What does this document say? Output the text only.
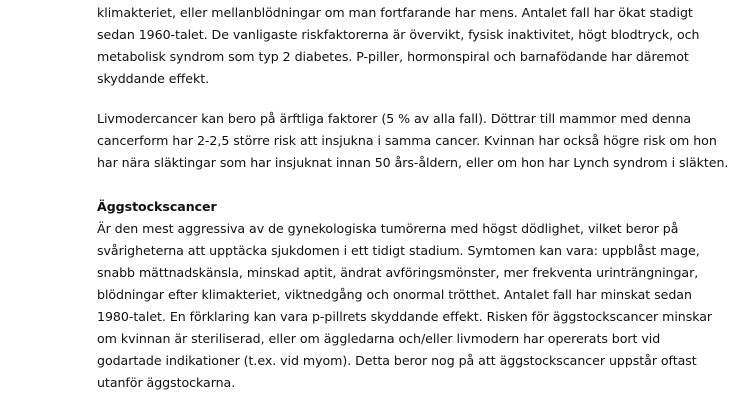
klimakteriet, eller mellanblödningar om man fortfarande har mens. Antalet fall har ökat stadigt
sedan 1960-talet. De vanligaste riskfaktorerna är övervikt, fysisk inaktivitet, högt blodtryck, och
metabolisk syndrom som typ 2 diabetes. P-piller, hormonspiral och barnafödande har däremot
skyddande effekt.
Livmodercancer kan bero på ärftliga faktorer (5 % av alla fall). Döttrar till mammor med denna
cancerform har 2-2,5 större risk att insjukna i samma cancer. Kvinnan har också högre risk om hon
har nära släktingar som har insjuknat innan 50 års-åldern, eller om hon har Lynch syndrom i släkten.
Äggstockscancer
Är den mest aggressiva av de gynekologiska tumörerna med högst dödlighet, vilket beror på
svårigheterna att upptäcka sjukdomen i ett tidigt stadium. Symtomen kan vara: uppblåst mage,
snabb mättnadskänsla, minskad aptit, ändrat avföringsmönster, mer frekventa urinträngningar,
blödningar efter klimakteriet, viktnedgång och onormal trötthet. Antalet fall har minskat sedan
1980-talet. En förklaring kan vara p-pillrets skyddande effekt. Risken för äggstockscancer minskar
om kvinnan är steriliserad, eller om äggledarna och/eller livmodern har opererats bort vid
godartade indikationer (t.ex. vid myom). Detta beror nog på att äggstockscancer uppstår oftast
utanför äggstockarna.
